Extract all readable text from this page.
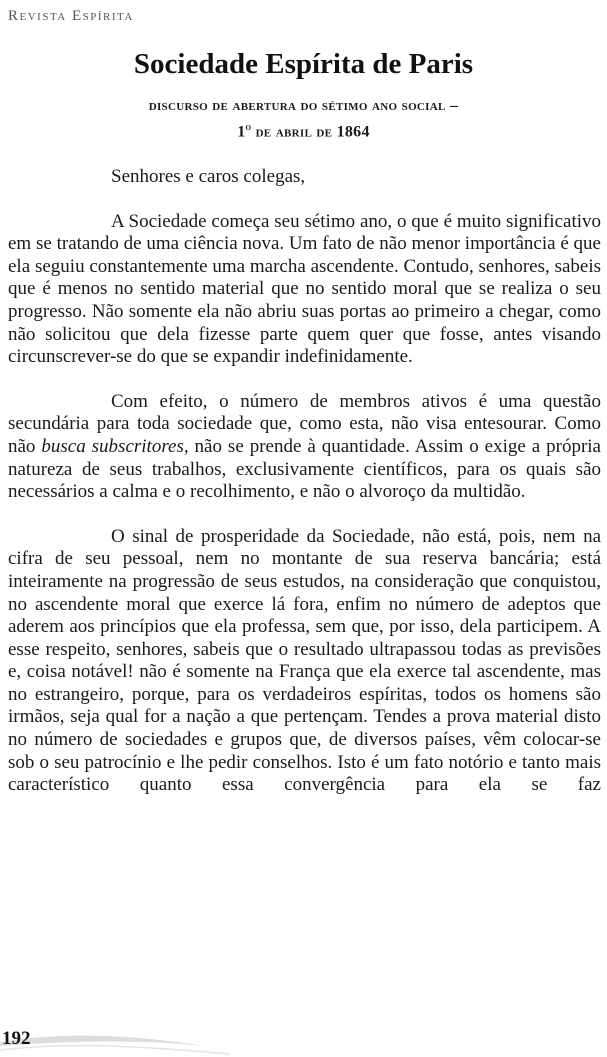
Revista Espírita
Sociedade Espírita de Paris
discurso de abertura do sétimo ano social –
1$^o$ de abril de 1864

Senhores e caros colegas,

A Sociedade começa seu sétimo ano, o que é muito significativo em se tratando de uma ciência nova. Um fato de não menor importância é que ela seguiu constantemente uma marcha ascendente. Contudo, senhores, sabeis que é menos no sentido material que no sentido moral que se realiza o seu progresso. Não somente ela não abriu suas portas ao primeiro a chegar, como não solicitou que dela fizesse parte quem quer que fosse, antes visando circunscrever-se do que se expandir indefinidamente.

Com efeito, o número de membros ativos é uma questão secundária para toda sociedade que, como esta, não visa entesourar. Como não busca subscritores, não se prende à quantidade. Assim o exige a própria natureza de seus trabalhos, exclusivamente científicos, para os quais são necessários a calma e o recolhimento, e não o alvoroço da multidão.

O sinal de prosperidade da Sociedade, não está, pois, nem na cifra de seu pessoal, nem no montante de sua reserva bancária; está inteiramente na progressão de seus estudos, na consideração que conquistou, no ascendente moral que exerce lá fora, enfim no número de adeptos que aderem aos princípios que ela professa, sem que, por isso, dela participem. A esse respeito, senhores, sabeis que o resultado ultrapassou todas as previsões e, coisa notável! não é somente na França que ela exerce tal ascendente, mas no estrangeiro, porque, para os verdadeiros espíritas, todos os homens são irmãos, seja qual for a nação a que pertençam. Tendes a prova material disto no número de sociedades e grupos que, de diversos países, vêm colocar-se sob o seu patrocínio e lhe pedir conselhos. Isto é um fato notório e tanto mais característico quanto essa convergência para ela se faz

192
